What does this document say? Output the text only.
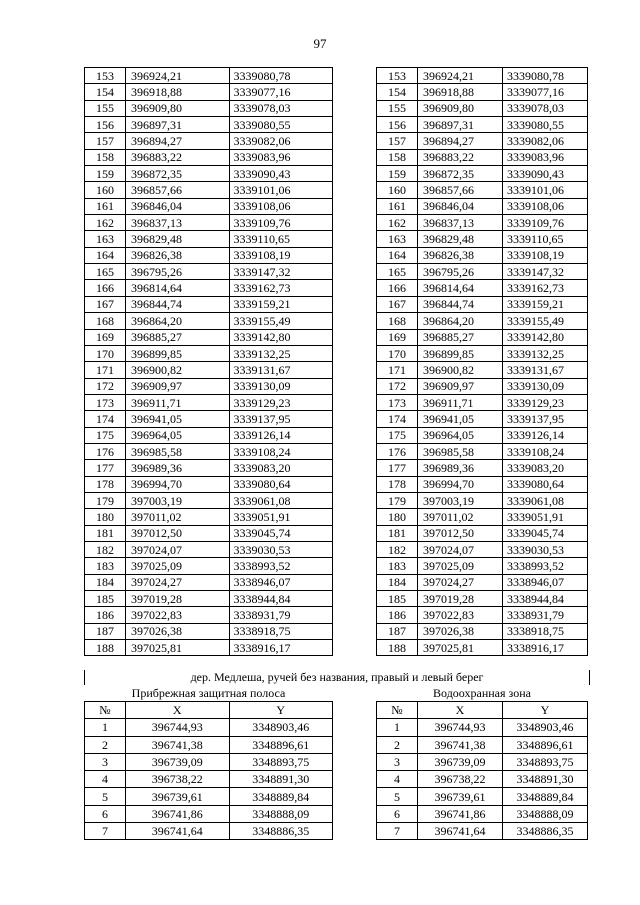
97
153	396924,21	3339080,78
154	396918,88	3339077,16
155	396909,80	3339078,03
156	396897,31	3339080,55
157	396894,27	3339082,06
158	396883,22	3339083,96
159	396872,35	3339090,43
160	396857,66	3339101,06
161	396846,04	3339108,06
162	396837,13	3339109,76
163	396829,48	3339110,65
164	396826,38	3339108,19
165	396795,26	3339147,32
166	396814,64	3339162,73
167	396844,74	3339159,21
168	396864,20	3339155,49
169	396885,27	3339142,80
170	396899,85	3339132,25
171	396900,82	3339131,67
172	396909,97	3339130,09
173	396911,71	3339129,23
174	396941,05	3339137,95
175	396964,05	3339126,14
176	396985,58	3339108,24
177	396989,36	3339083,20
178	396994,70	3339080,64
179	397003,19	3339061,08
180	397011,02	3339051,91
181	397012,50	3339045,74
182	397024,07	3339030,53
183	397025,09	3338993,52
184	397024,27	3338946,07
185	397019,28	3338944,84
186	397022,83	3338931,79
187	397026,38	3338918,75
188	397025,81	3338916,17
153	396924,21	3339080,78
154	396918,88	3339077,16
155	396909,80	3339078,03
156	396897,31	3339080,55
157	396894,27	3339082,06
158	396883,22	3339083,96
159	396872,35	3339090,43
160	396857,66	3339101,06
161	396846,04	3339108,06
162	396837,13	3339109,76
163	396829,48	3339110,65
164	396826,38	3339108,19
165	396795,26	3339147,32
166	396814,64	3339162,73
167	396844,74	3339159,21
168	396864,20	3339155,49
169	396885,27	3339142,80
170	396899,85	3339132,25
171	396900,82	3339131,67
172	396909,97	3339130,09
173	396911,71	3339129,23
174	396941,05	3339137,95
175	396964,05	3339126,14
176	396985,58	3339108,24
177	396989,36	3339083,20
178	396994,70	3339080,64
179	397003,19	3339061,08
180	397011,02	3339051,91
181	397012,50	3339045,74
182	397024,07	3339030,53
183	397025,09	3338993,52
184	397024,27	3338946,07
185	397019,28	3338944,84
186	397022,83	3338931,79
187	397026,38	3338918,75
188	397025,81	3338916,17
дер. Медлеша, ручей без названия, правый и левый берег
Прибрежная защитная полоса	Водоохранная зона
№	X	Y
1	396744,93	3348903,46
2	396741,38	3348896,61
3	396739,09	3348893,75
4	396738,22	3348891,30
5	396739,61	3348889,84
6	396741,86	3348888,09
7	396741,64	3348886,35
№	X	Y
1	396744,93	3348903,46
2	396741,38	3348896,61
3	396739,09	3348893,75
4	396738,22	3348891,30
5	396739,61	3348889,84
6	396741,86	3348888,09
7	396741,64	3348886,35
